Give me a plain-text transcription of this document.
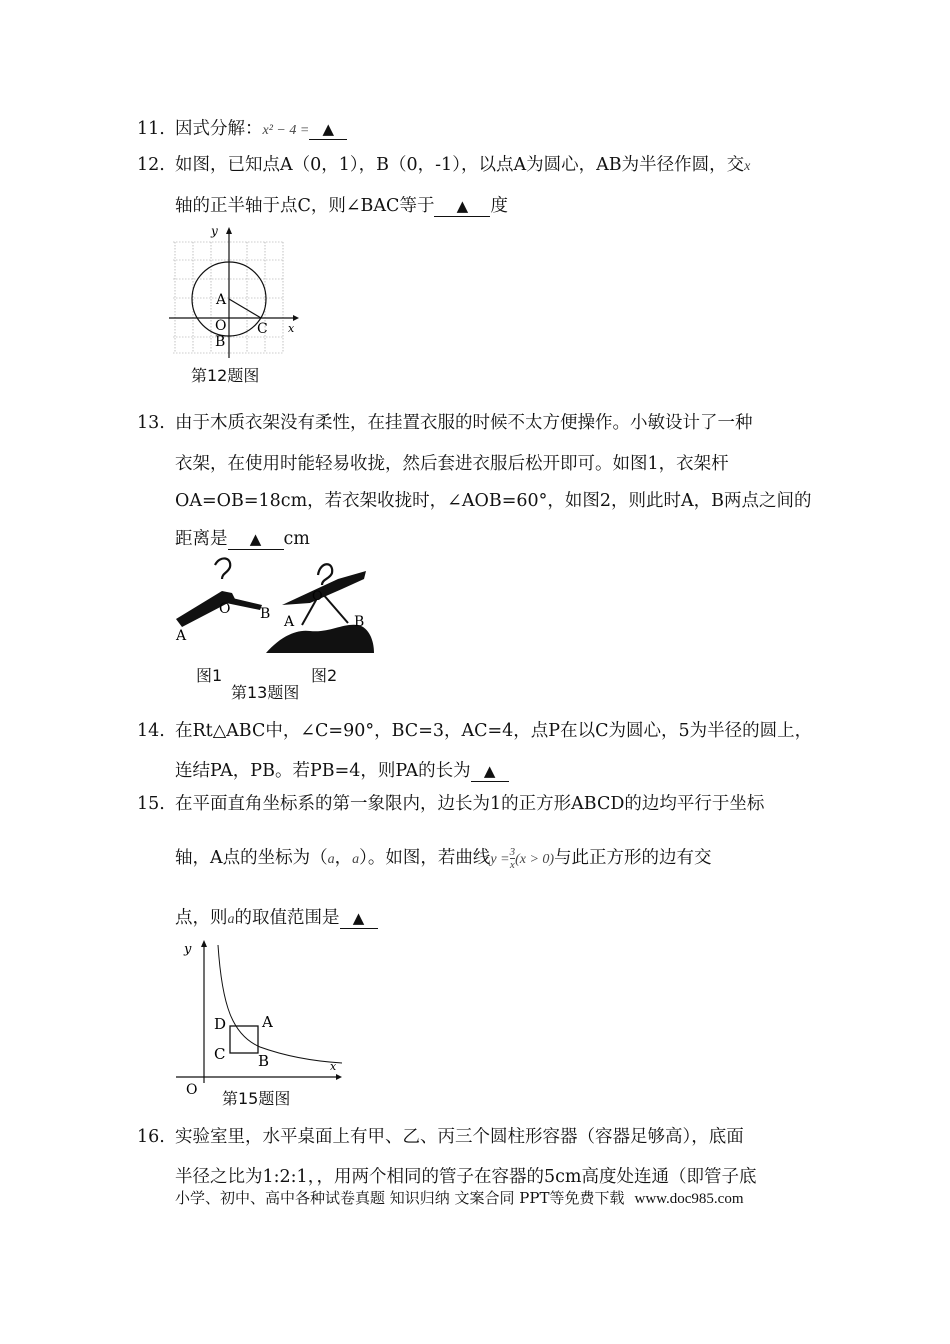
11. 因式分解：x² − 4 = ▲
12. 如图，已知点A（0，1），B（0，-1），以点A为圆心，AB为半径作圆，交x
轴的正半轴于点C，则∠BAC等于 ▲ 度
y
x
A
O
B
C
第12题图
13. 由于木质衣架没有柔性，在挂置衣服的时候不太方便操作。小敏设计了一种
衣架，在使用时能轻易收拢，然后套进衣服后松开即可。如图1，衣架杆
OA=OB=18cm，若衣架收拢时，∠AOB=60°，如图2，则此时A，B两点之间的
距离是 ▲ cm
O
A
B
O
A	B
图1	图2
第13题图
14. 在Rt△ABC中，∠C=90°，BC=3，AC=4，点P在以C为圆心，5为半径的圆上，
连结PA，PB。若PB=4，则PA的长为 ▲
15. 在平面直角坐标系的第一象限内，边长为1的正方形ABCD的边均平行于坐标
轴，A点的坐标为（a，a）。如图，若曲线$y =\frac{3}{x} (x > 0)$与此正方形的边有交
点，则a的取值范围是 ▲
y
x
O
D A
C B
第15题图
16. 实验室里，水平桌面上有甲、乙、丙三个圆柱形容器（容器足够高），底面
半径之比为1:2:1，，用两个相同的管子在容器的5cm高度处连通（即管子底
小学、初中、高中各种试卷真题 知识归纳 文案合同 PPT等免费下载 www.doc985.com
